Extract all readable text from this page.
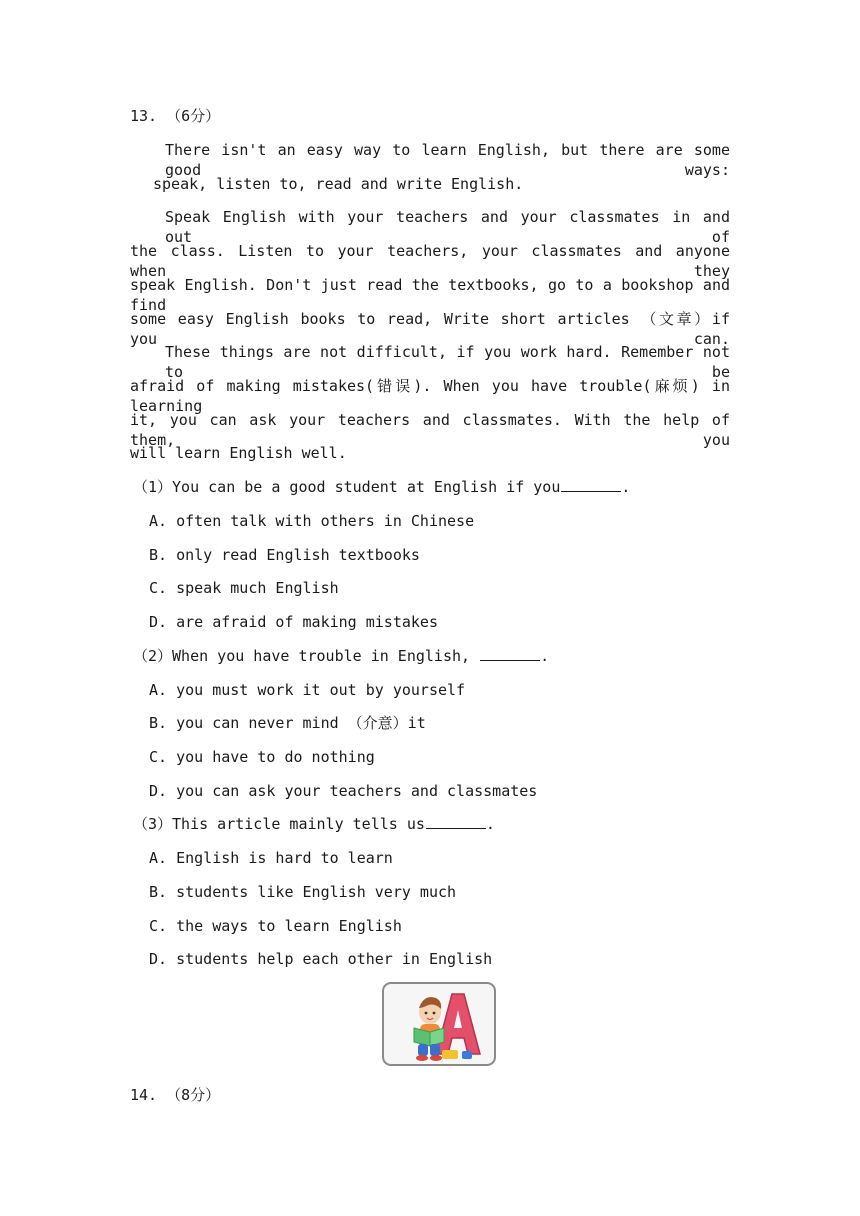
13. （6分）
There isn't an easy way to learn English, but there are some good ways:
speak, listen to, read and write English.
Speak English with your teachers and your classmates in and out of
the class. Listen to your teachers, your classmates and anyone when they
speak English. Don't just read the textbooks, go to a bookshop and find
some easy English books to read, Write short articles （文章）if you can.
These things are not difficult, if you work hard. Remember not to be
afraid of making mistakes(错误). When you have trouble(麻烦) in learning
it, you can ask your teachers and classmates. With the help of them, you
will learn English well.
（1）You can be a good student at English if you	.
A. often talk with others in Chinese
B. only read English textbooks
C. speak much English
D. are afraid of making mistakes
（2）When you have trouble in English,	.
A. you must work it out by yourself
B. you can never mind （介意）it
C. you have to do nothing
D. you can ask your teachers and classmates
（3）This article mainly tells us	.
A. English is hard to learn
B. students like English very much
C. the ways to learn English
D. students help each other in English
14. （8分）
